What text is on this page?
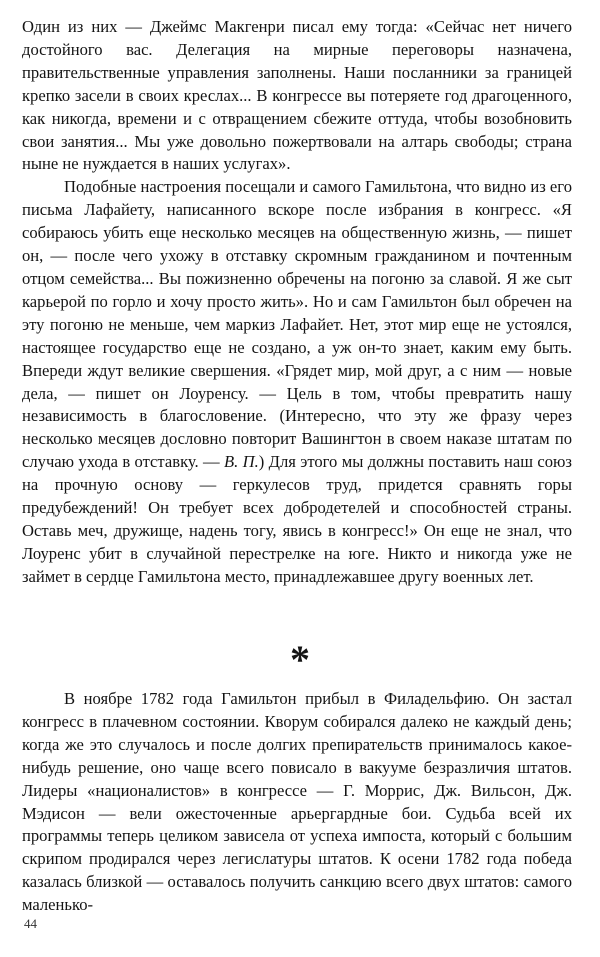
Один из них — Джеймс Макгенри писал ему тогда: «Сейчас нет ничего достойного вас. Делегация на мирные переговоры назначена, правительственные управления заполнены. Наши посланники за границей крепко засели в своих креслах... В конгрессе вы потеряете год драгоценного, как никогда, времени и с отвращением сбежите оттуда, чтобы возобновить свои занятия... Мы уже довольно пожертвовали на алтарь свободы; страна ныне не нуждается в наших услугах».

Подобные настроения посещали и самого Гамильтона, что видно из его письма Лафайету, написанного вскоре после избрания в конгресс. «Я собираюсь убить еще несколько месяцев на общественную жизнь, — пишет он, — после чего ухожу в отставку скромным гражданином и почтенным отцом семейства... Вы пожизненно обречены на погоню за славой. Я же сыт карьерой по горло и хочу просто жить». Но и сам Гамильтон был обречен на эту погоню не меньше, чем маркиз Лафайет. Нет, этот мир еще не устоялся, настоящее государство еще не создано, а уж он-то знает, каким ему быть. Впереди ждут великие свершения. «Грядет мир, мой друг, а с ним — новые дела, — пишет он Лоуренсу. — Цель в том, чтобы превратить нашу независимость в благословение. (Интересно, что эту же фразу через несколько месяцев дословно повторит Вашингтон в своем наказе штатам по случаю ухода в отставку. — В. П.) Для этого мы должны поставить наш союз на прочную основу — геркулесов труд, придется сравнять горы предубеждений! Он требует всех добродетелей и способностей страны. Оставь меч, дружище, надень тогу, явись в конгресс!» Он еще не знал, что Лоуренс убит в случайной перестрелке на юге. Никто и никогда уже не займет в сердце Гамильтона место, принадлежавшее другу военных лет.

*

В ноябре 1782 года Гамильтон прибыл в Филадельфию. Он застал конгресс в плачевном состоянии. Кворум собирался далеко не каждый день; когда же это случалось и после долгих препирательств принималось какое-нибудь решение, оно чаще всего повисало в вакууме безразличия штатов. Лидеры «националистов» в конгрессе — Г. Моррис, Дж. Вильсон, Дж. Мэдисон — вели ожесточенные арьергардные бои. Судьба всей их программы теперь целиком зависела от успеха импоста, который с большим скрипом продирался через легислатуры штатов. К осени 1782 года победа казалась близкой — оставалось получить санкцию всего двух штатов: самого маленько-

44
